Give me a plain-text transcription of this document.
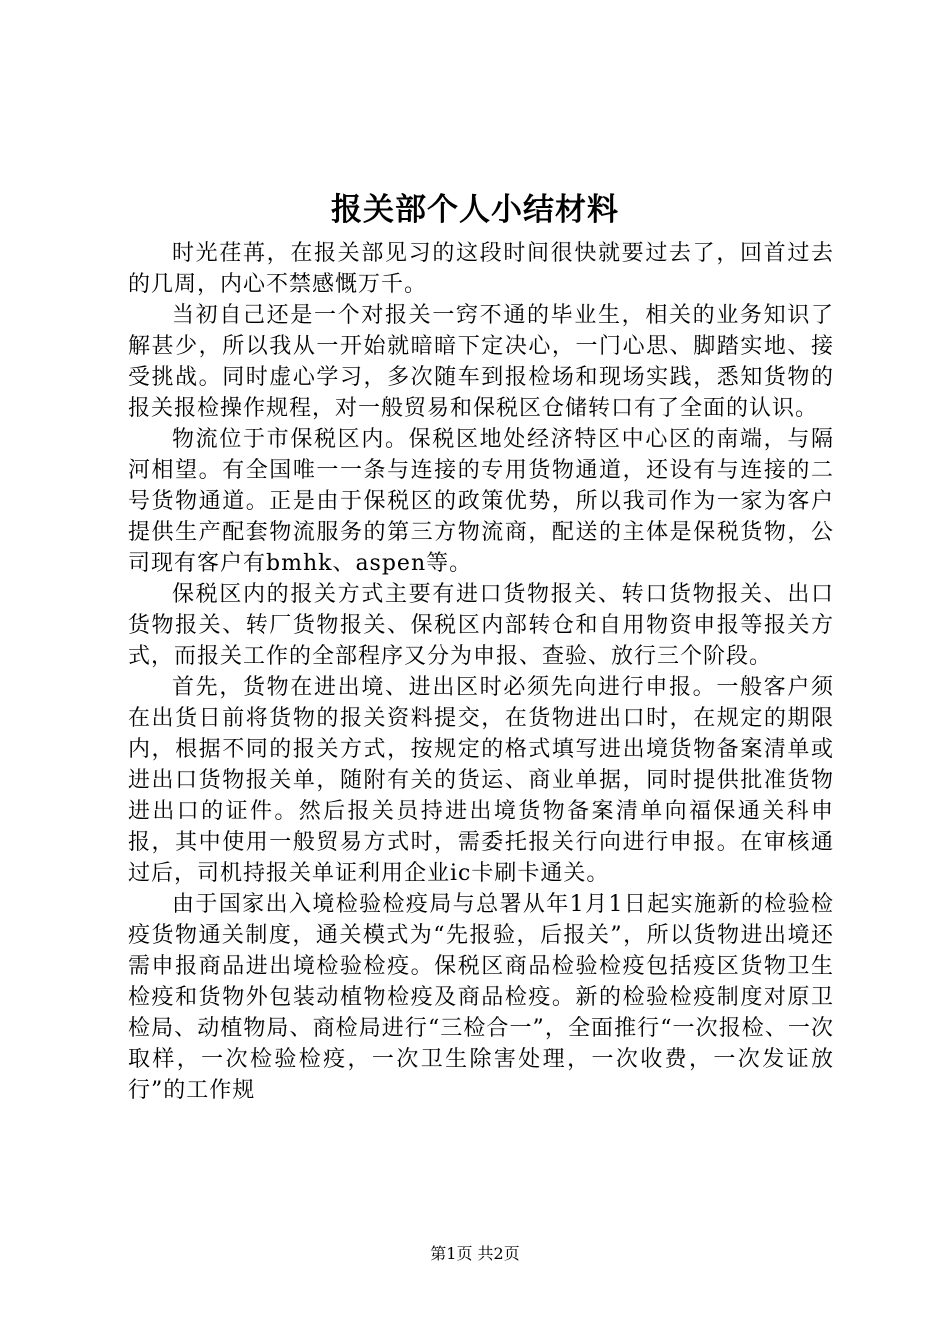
报关部个人小结材料

时光荏苒，在报关部见习的这段时间很快就要过去了，回首过去的几周，内心不禁感慨万千。

当初自己还是一个对报关一窍不通的毕业生，相关的业务知识了解甚少，所以我从一开始就暗暗下定决心，一门心思、脚踏实地、接受挑战。同时虚心学习，多次随车到报检场和现场实践，悉知货物的报关报检操作规程，对一般贸易和保税区仓储转口有了全面的认识。

物流位于市保税区内。保税区地处经济特区中心区的南端，与隔河相望。有全国唯一一条与连接的专用货物通道，还设有与连接的二号货物通道。正是由于保税区的政策优势，所以我司作为一家为客户提供生产配套物流服务的第三方物流商，配送的主体是保税货物，公司现有客户有bmhk、aspen等。

保税区内的报关方式主要有进口货物报关、转口货物报关、出口货物报关、转厂货物报关、保税区内部转仓和自用物资申报等报关方式，而报关工作的全部程序又分为申报、查验、放行三个阶段。

首先，货物在进出境、进出区时必须先向进行申报。一般客户须在出货日前将货物的报关资料提交，在货物进出口时，在规定的期限内，根据不同的报关方式，按规定的格式填写进出境货物备案清单或进出口货物报关单，随附有关的货运、商业单据，同时提供批准货物进出口的证件。然后报关员持进出境货物备案清单向福保通关科申报，其中使用一般贸易方式时，需委托报关行向进行申报。在审核通过后，司机持报关单证利用企业ic卡刷卡通关。

由于国家出入境检验检疫局与总署从年1月1日起实施新的检验检疫货物通关制度，通关模式为“先报验，后报关”，所以货物进出境还需申报商品进出境检验检疫。保税区商品检验检疫包括疫区货物卫生检疫和货物外包装动植物检疫及商品检疫。新的检验检疫制度对原卫检局、动植物局、商检局进行“三检合一”，全面推行“一次报检、一次取样，一次检验检疫，一次卫生除害处理，一次收费，一次发证放行”的工作规

第1页 共2页
